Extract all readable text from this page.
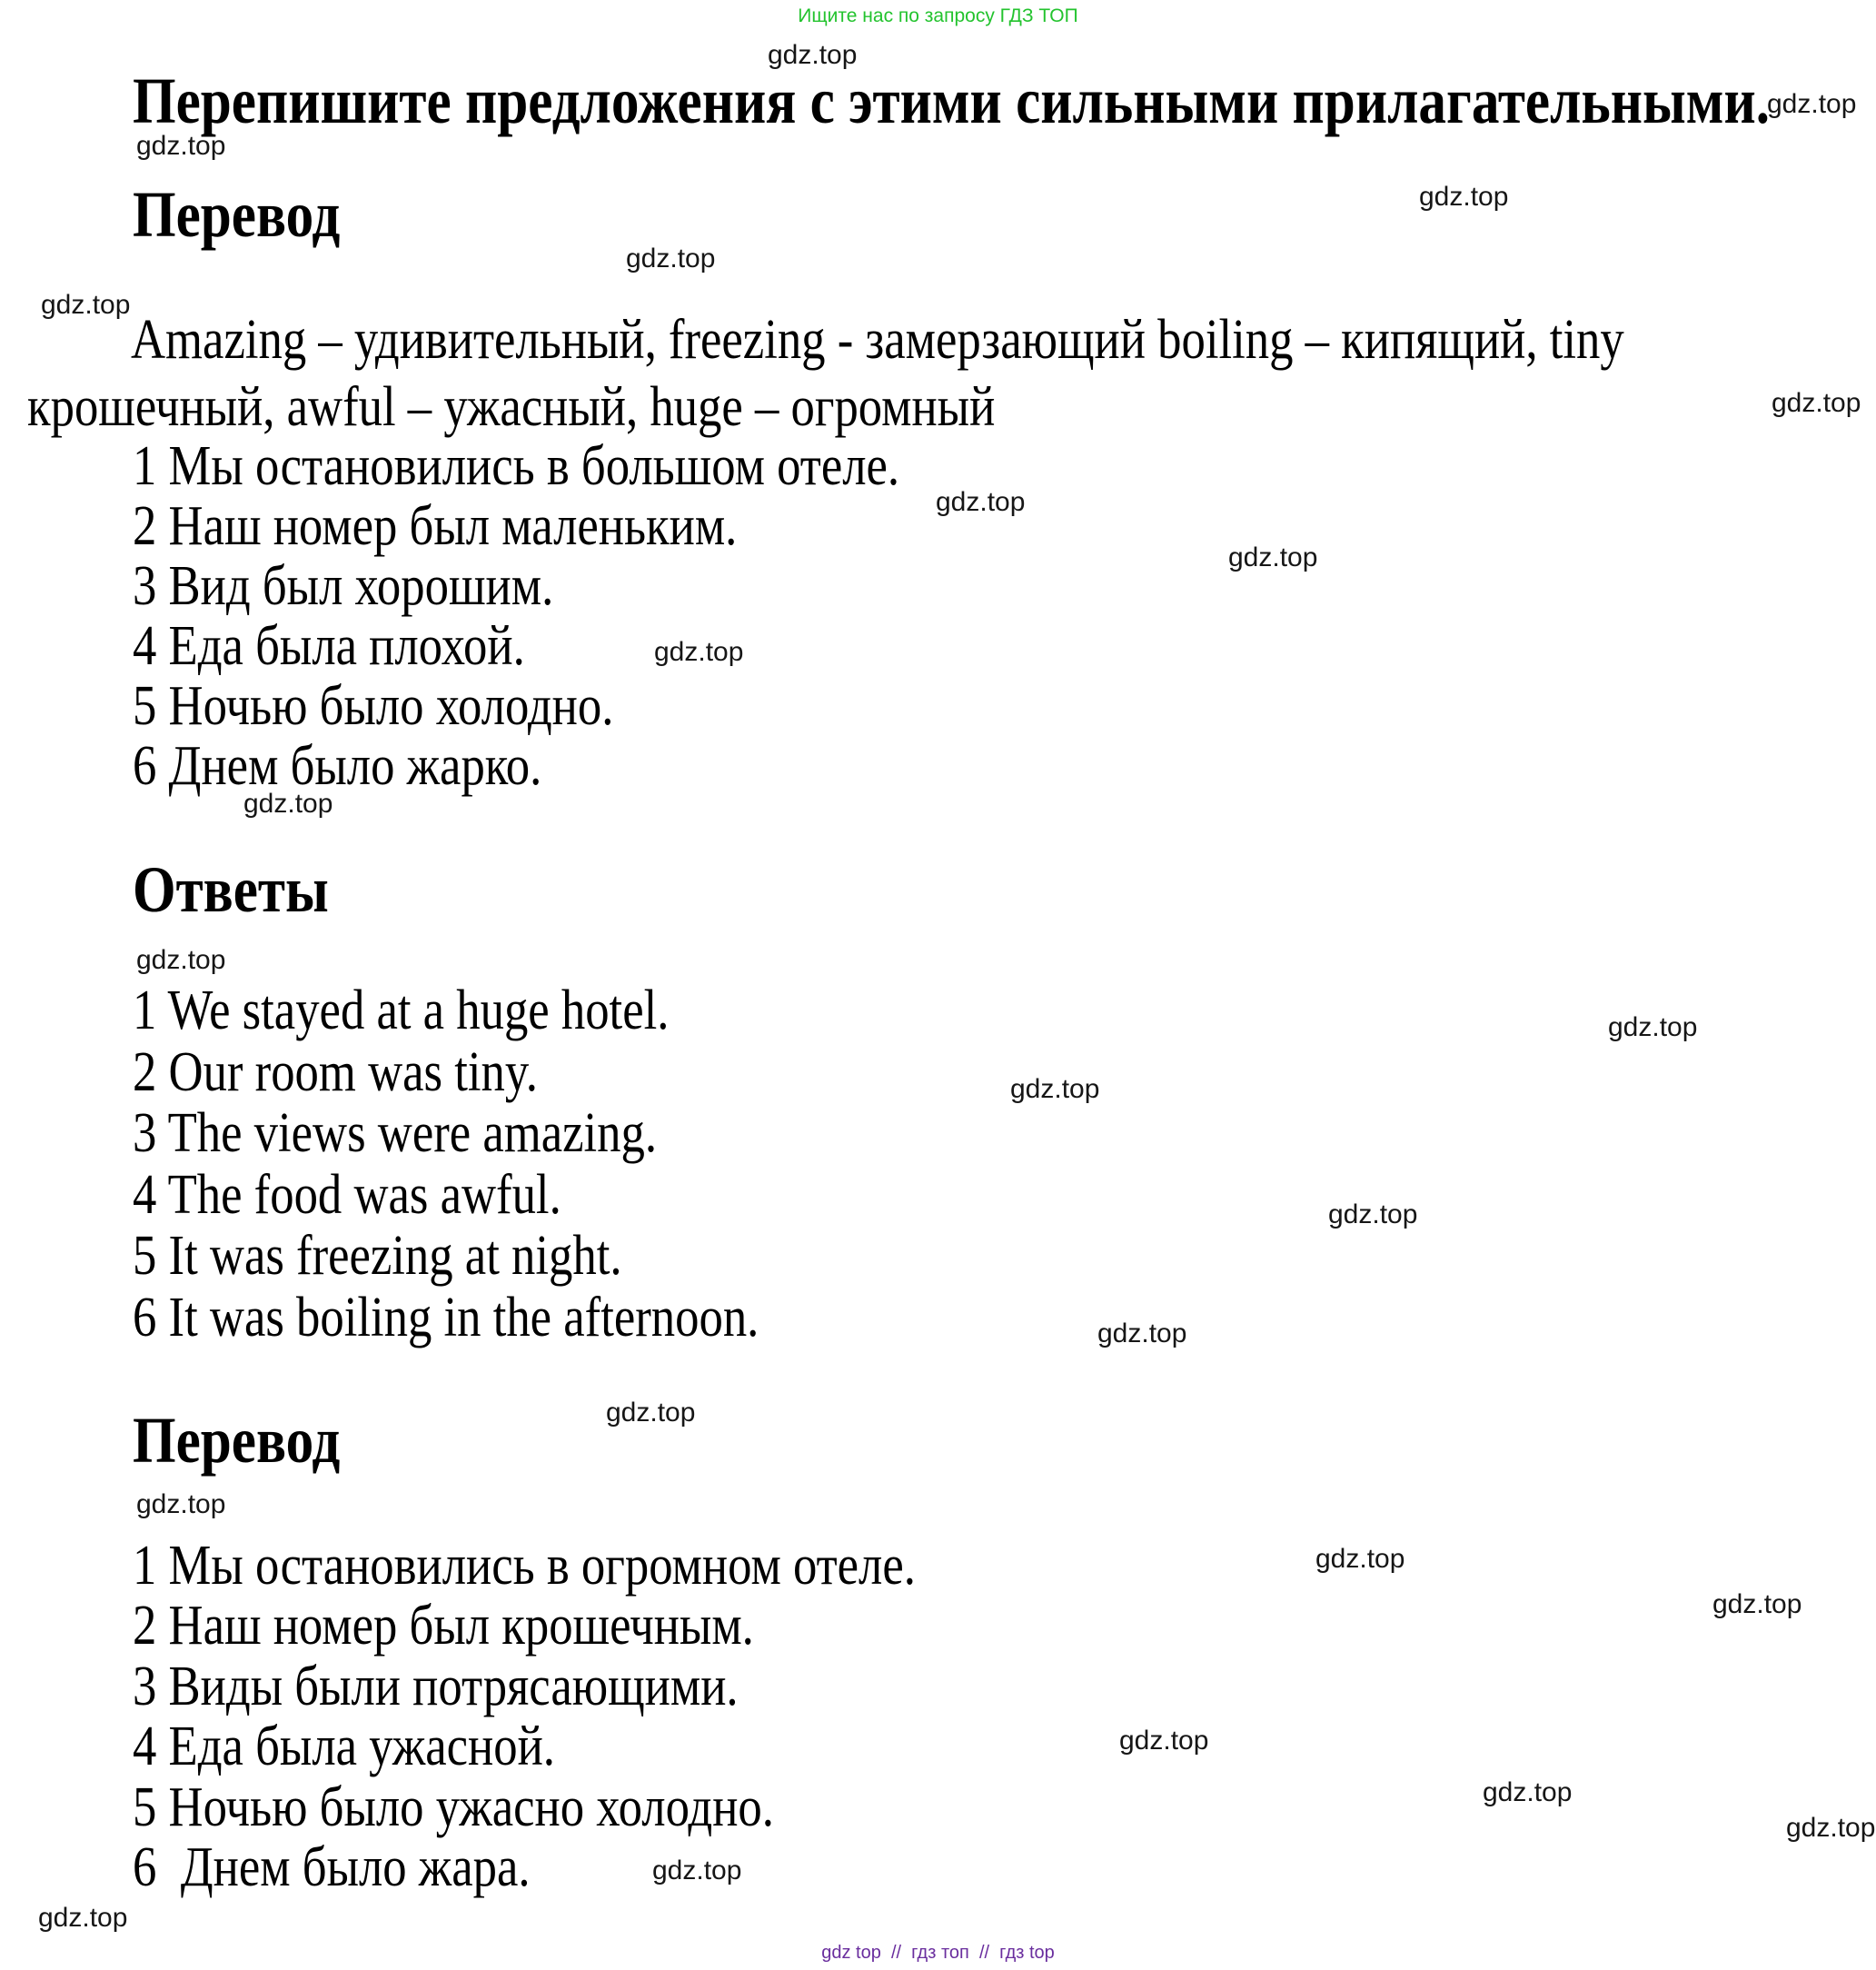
Ищите нас по запросу ГДЗ ТОП
gdz.top
gdz.top
gdz.top
gdz.top
gdz.top
gdz.top
gdz.top
gdz.top
gdz.top
gdz.top
gdz.top
gdz.top
gdz.top
gdz.top
gdz.top
gdz.top
gdz.top
gdz.top
gdz.top
gdz.top
gdz.top
gdz.top
gdz.top
gdz.top
gdz.top
Перепишите предложения с этими сильными прилагательными.
Перевод
Amazing – удивительный, freezing - замерзающий boiling – кипящий, tiny
крошечный, awful – ужасный, huge – огромный
1 Мы остановились в большом отеле.
2 Наш номер был маленьким.
3 Вид был хорошим.
4 Еда была плохой.
5 Ночью было холодно.
6 Днем было жарко.
Ответы
1 We stayed at a huge hotel.
2 Our room was tiny.
3 The views were amazing.
4 The food was awful.
5 It was freezing at night.
6 It was boiling in the afternoon.
Перевод
1 Мы остановились в огромном отеле.
2 Наш номер был крошечным.
3 Виды были потрясающими.
4 Еда была ужасной.
5 Ночью было ужасно холодно.
6  Днем было жара.
gdz top  //  гдз топ  //  гдз top
